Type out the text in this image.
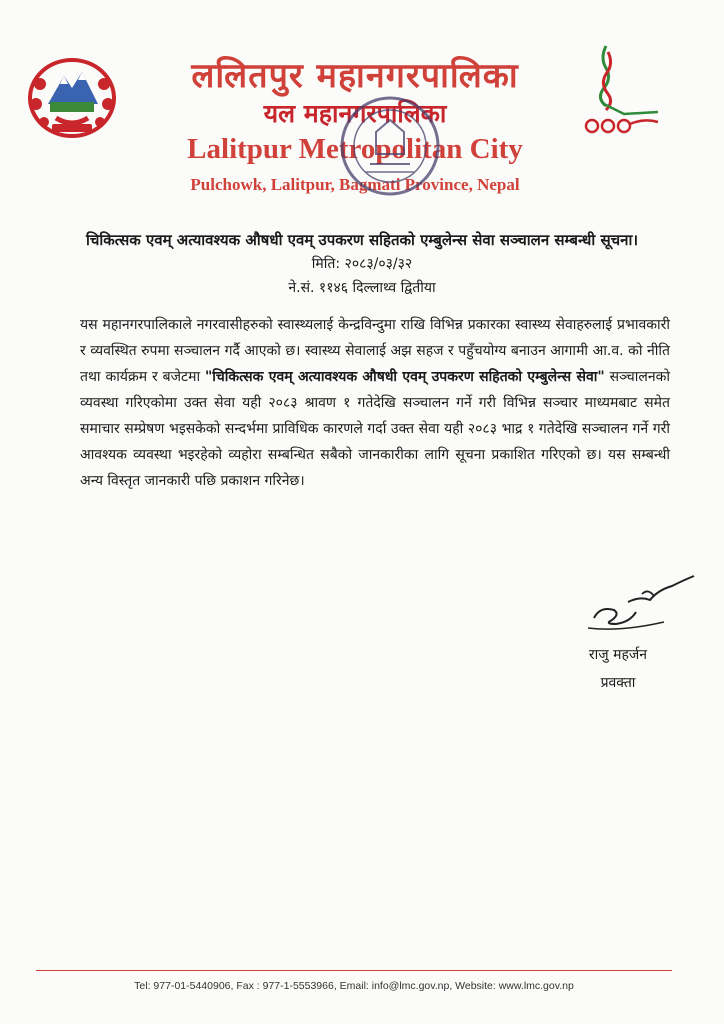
ललितपुर महानगरपालिका
यल महानगरपालिका
Lalitpur Metropolitan City
Pulchowk, Lalitpur, Bagmati Province, Nepal
चिकित्सक एवम् अत्यावश्यक औषधी एवम् उपकरण सहितको एम्बुलेन्स सेवा सञ्चालन सम्बन्धी सूचना।
मिति: २०८३/०३/३२
ने.सं. ११४६ दिल्लाथ्व द्वितीया
यस महानगरपालिकाले नगरवासीहरुको स्वास्थ्यलाई केन्द्रविन्दुमा राखि विभिन्न प्रकारका स्वास्थ्य सेवाहरुलाई प्रभावकारी र व्यवस्थित रुपमा सञ्चालन गर्दै आएको छ। स्वास्थ्य सेवालाई अझ सहज र पहुँचयोग्य बनाउन आगामी आ.व. को नीति तथा कार्यक्रम र बजेटमा "चिकित्सक एवम् अत्यावश्यक औषधी एवम् उपकरण सहितको एम्बुलेन्स सेवा" सञ्चालनको व्यवस्था गरिएकोमा उक्त सेवा यही २०८३ श्रावण १ गतेदेखि सञ्चालन गर्ने गरी विभिन्न सञ्चार माध्यमबाट समेत समाचार सम्प्रेषण भइसकेको सन्दर्भमा प्राविधिक कारणले गर्दा उक्त सेवा यही २०८३ भाद्र १ गतेदेखि सञ्चालन गर्ने गरी आवश्यक व्यवस्था भइरहेको व्यहोरा सम्बन्धित सबैको जानकारीका लागि सूचना प्रकाशित गरिएको छ। यस सम्बन्धी अन्य विस्तृत जानकारी पछि प्रकाशन गरिनेछ।
राजु महर्जन
प्रवक्ता
Tel: 977-01-5440906, Fax : 977-1-5553966, Email: info@lmc.gov.np, Website: www.lmc.gov.np
